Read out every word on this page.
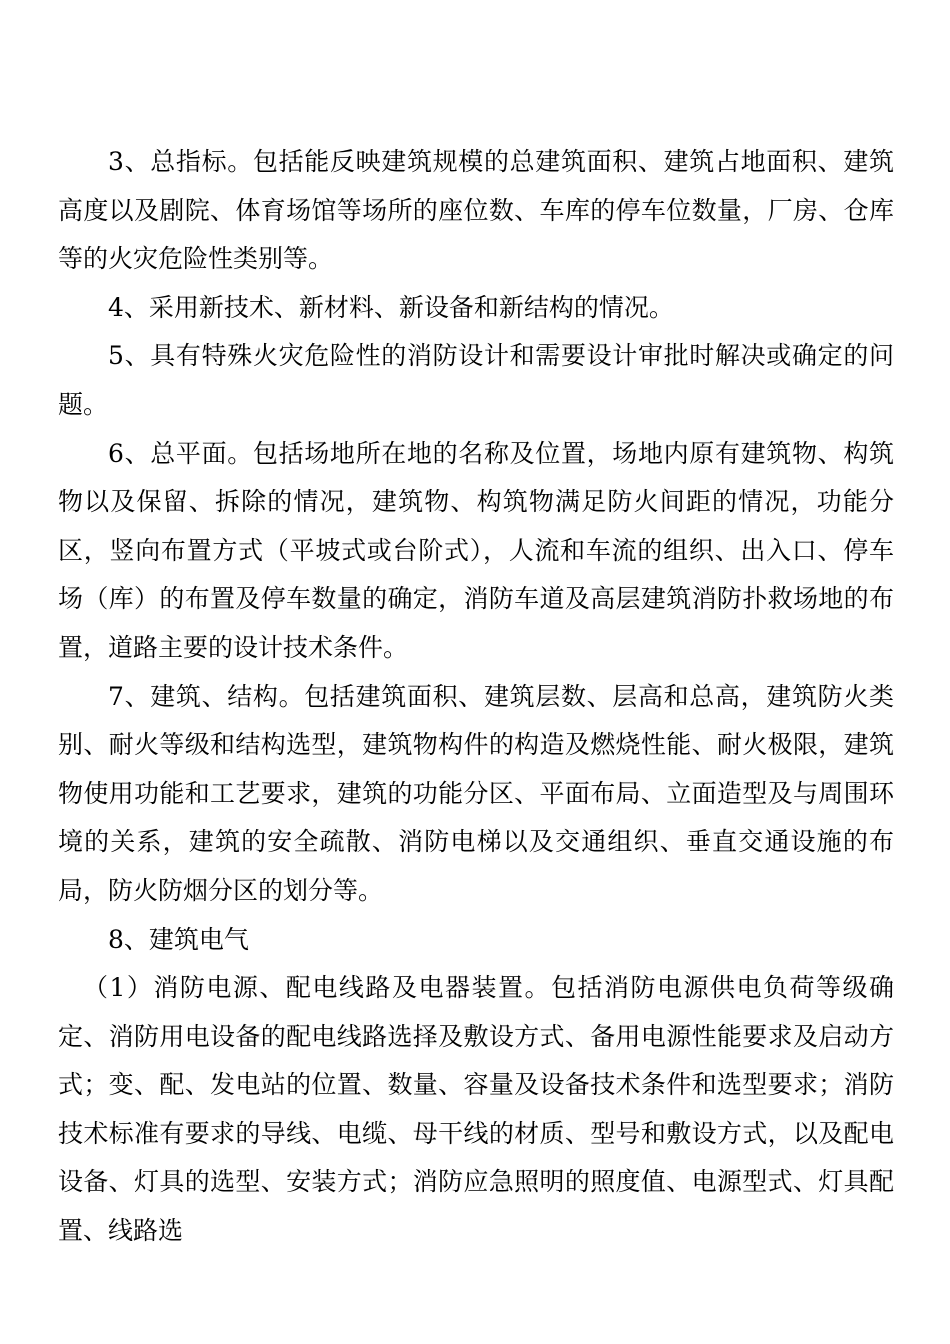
3、总指标。包括能反映建筑规模的总建筑面积、建筑占地面积、建筑高度以及剧院、体育场馆等场所的座位数、车库的停车位数量，厂房、仓库等的火灾危险性类别等。

4、采用新技术、新材料、新设备和新结构的情况。

5、具有特殊火灾危险性的消防设计和需要设计审批时解决或确定的问题。

6、总平面。包括场地所在地的名称及位置，场地内原有建筑物、构筑物以及保留、拆除的情况，建筑物、构筑物满足防火间距的情况，功能分区，竖向布置方式（平坡式或台阶式），人流和车流的组织、出入口、停车场（库）的布置及停车数量的确定，消防车道及高层建筑消防扑救场地的布置，道路主要的设计技术条件。

7、建筑、结构。包括建筑面积、建筑层数、层高和总高，建筑防火类别、耐火等级和结构选型，建筑物构件的构造及燃烧性能、耐火极限，建筑物使用功能和工艺要求，建筑的功能分区、平面布局、立面造型及与周围环境的关系，建筑的安全疏散、消防电梯以及交通组织、垂直交通设施的布局，防火防烟分区的划分等。

8、建筑电气

（1）消防电源、配电线路及电器装置。包括消防电源供电负荷等级确定、消防用电设备的配电线路选择及敷设方式、备用电源性能要求及启动方式；变、配、发电站的位置、数量、容量及设备技术条件和选型要求；消防技术标准有要求的导线、电缆、母干线的材质、型号和敷设方式，以及配电设备、灯具的选型、安装方式；消防应急照明的照度值、电源型式、灯具配置、线路选
